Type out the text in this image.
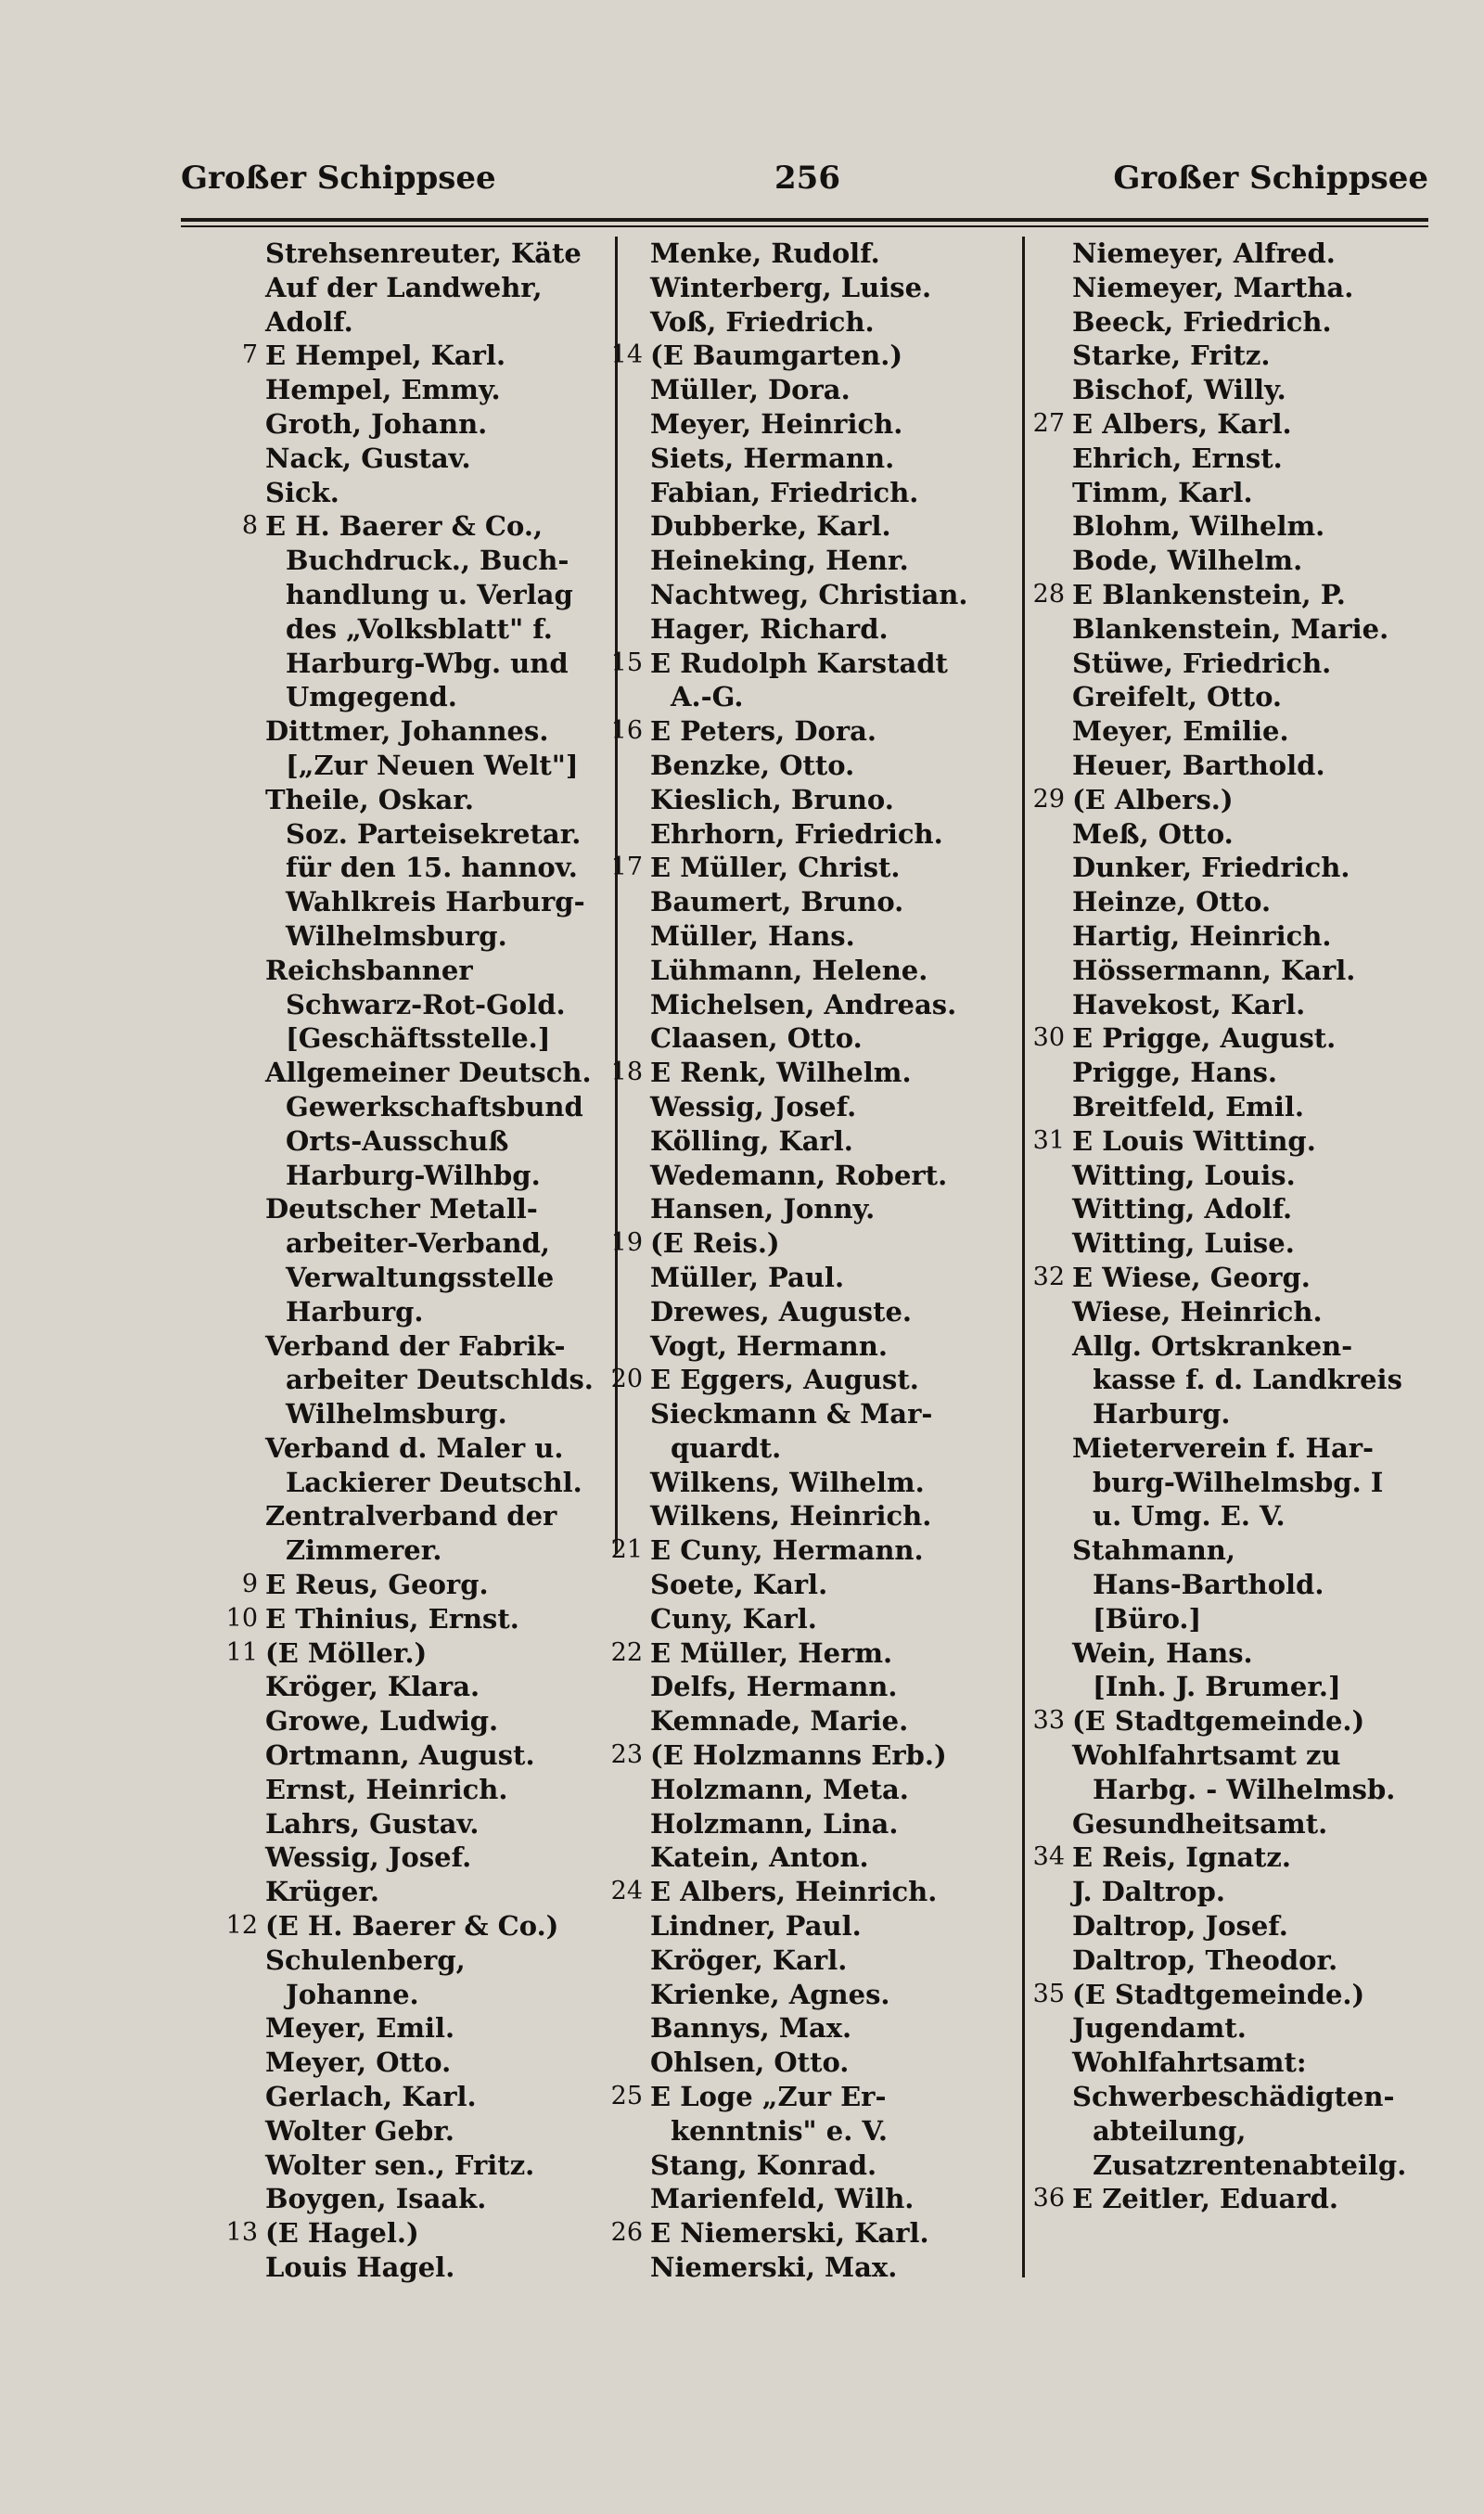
Großer Schippsee	256	Großer Schippsee
Strehsenreuter, Käte
Auf der Landwehr,
Adolf.
7 E Hempel, Karl.
Hempel, Emmy.
Groth, Johann.
Nack, Gustav.
Sick.
8 E H. Baerer & Co.,
Buchdruck., Buch-
handlung u. Verlag
des „Volksblatt" f.
Harburg-Wbg. und
Umgegend.
Dittmer, Johannes.
[„Zur Neuen Welt"]
Theile, Oskar.
Soz. Parteisekretar.
für den 15. hannov.
Wahlkreis Harburg-
Wilhelmsburg.
Reichsbanner
Schwarz-Rot-Gold.
[Geschäftsstelle.]
Allgemeiner Deutsch.
Gewerkschaftsbund
Orts-Ausschuß
Harburg-Wilhbg.
Deutscher Metall-
arbeiter-Verband,
Verwaltungsstelle
Harburg.
Verband der Fabrik-
arbeiter Deutschlds.
Wilhelmsburg.
Verband d. Maler u.
Lackierer Deutschl.
Zentralverband der
Zimmerer.
9 E Reus, Georg.
10 E Thinius, Ernst.
11 (E Möller.)
Kröger, Klara.
Growe, Ludwig.
Ortmann, August.
Ernst, Heinrich.
Lahrs, Gustav.
Wessig, Josef.
Krüger.
12 (E H. Baerer & Co.)
Schulenberg,
Johanne.
Meyer, Emil.
Meyer, Otto.
Gerlach, Karl.
Wolter Gebr.
Wolter sen., Fritz.
Boygen, Isaak.
13 (E Hagel.)
Louis Hagel.
Menke, Rudolf.
Winterberg, Luise.
Voß, Friedrich.
14 (E Baumgarten.)
Müller, Dora.
Meyer, Heinrich.
Siets, Hermann.
Fabian, Friedrich.
Dubberke, Karl.
Heineking, Henr.
Nachtweg, Christian.
Hager, Richard.
15 E Rudolph Karstadt
A.-G.
16 E Peters, Dora.
Benzke, Otto.
Kieslich, Bruno.
Ehrhorn, Friedrich.
17 E Müller, Christ.
Baumert, Bruno.
Müller, Hans.
Lühmann, Helene.
Michelsen, Andreas.
Claasen, Otto.
18 E Renk, Wilhelm.
Wessig, Josef.
Kölling, Karl.
Wedemann, Robert.
Hansen, Jonny.
19 (E Reis.)
Müller, Paul.
Drewes, Auguste.
Vogt, Hermann.
20 E Eggers, August.
Sieckmann & Mar-
quardt.
Wilkens, Wilhelm.
Wilkens, Heinrich.
21 E Cuny, Hermann.
Soete, Karl.
Cuny, Karl.
22 E Müller, Herm.
Delfs, Hermann.
Kemnade, Marie.
23 (E Holzmanns Erb.)
Holzmann, Meta.
Holzmann, Lina.
Katein, Anton.
24 E Albers, Heinrich.
Lindner, Paul.
Kröger, Karl.
Krienke, Agnes.
Bannys, Max.
Ohlsen, Otto.
25 E Loge „Zur Er-
kenntnis" e. V.
Stang, Konrad.
Marienfeld, Wilh.
26 E Niemerski, Karl.
Niemerski, Max.
Niemeyer, Alfred.
Niemeyer, Martha.
Beeck, Friedrich.
Starke, Fritz.
Bischof, Willy.
27 E Albers, Karl.
Ehrich, Ernst.
Timm, Karl.
Blohm, Wilhelm.
Bode, Wilhelm.
28 E Blankenstein, P.
Blankenstein, Marie.
Stüwe, Friedrich.
Greifelt, Otto.
Meyer, Emilie.
Heuer, Barthold.
29 (E Albers.)
Meß, Otto.
Dunker, Friedrich.
Heinze, Otto.
Hartig, Heinrich.
Hössermann, Karl.
Havekost, Karl.
30 E Prigge, August.
Prigge, Hans.
Breitfeld, Emil.
31 E Louis Witting.
Witting, Louis.
Witting, Adolf.
Witting, Luise.
32 E Wiese, Georg.
Wiese, Heinrich.
Allg. Ortskranken-
kasse f. d. Landkreis
Harburg.
Mieterverein f. Har-
burg-Wilhelmsbg. I
u. Umg. E. V.
Stahmann,
Hans-Barthold.
[Büro.]
Wein, Hans.
[Inh. J. Brumer.]
33 (E Stadtgemeinde.)
Wohlfahrtsamt zu
Harbg. - Wilhelmsb.
Gesundheitsamt.
34 E Reis, Ignatz.
J. Daltrop.
Daltrop, Josef.
Daltrop, Theodor.
35 (E Stadtgemeinde.)
Jugendamt.
Wohlfahrtsamt:
Schwerbeschädigten-
abteilung,
Zusatzrentenabteilg.
36 E Zeitler, Eduard.
